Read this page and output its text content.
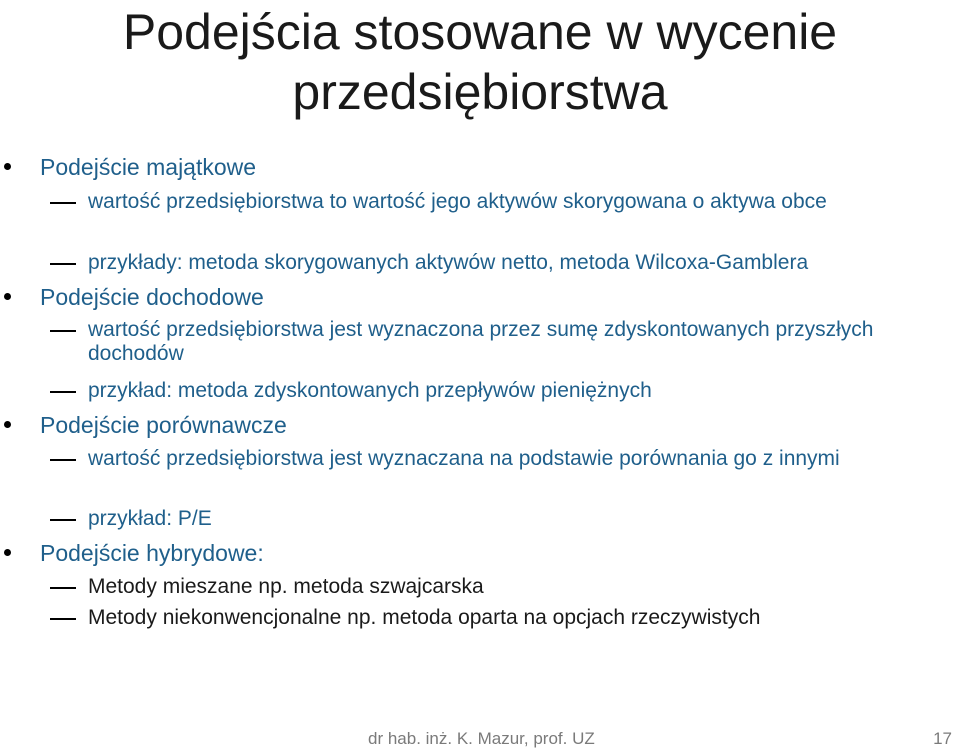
Podejścia stosowane w wycenie
przedsiębiorstwa
Podejście majątkowe
wartość przedsiębiorstwa to wartość jego aktywów skorygowana o aktywa obce
przykłady: metoda skorygowanych aktywów netto, metoda Wilcoxa-Gamblera
Podejście dochodowe
wartość przedsiębiorstwa jest wyznaczona przez sumę zdyskontowanych przyszłych dochodów
przykład: metoda zdyskontowanych przepływów pieniężnych
Podejście porównawcze
wartość przedsiębiorstwa jest wyznaczana na podstawie porównania go z innymi
przykład: P/E
Podejście hybrydowe:
Metody mieszane np. metoda szwajcarska
Metody niekonwencjonalne np. metoda oparta na opcjach rzeczywistych
dr hab. inż. K. Mazur, prof. UZ	17
